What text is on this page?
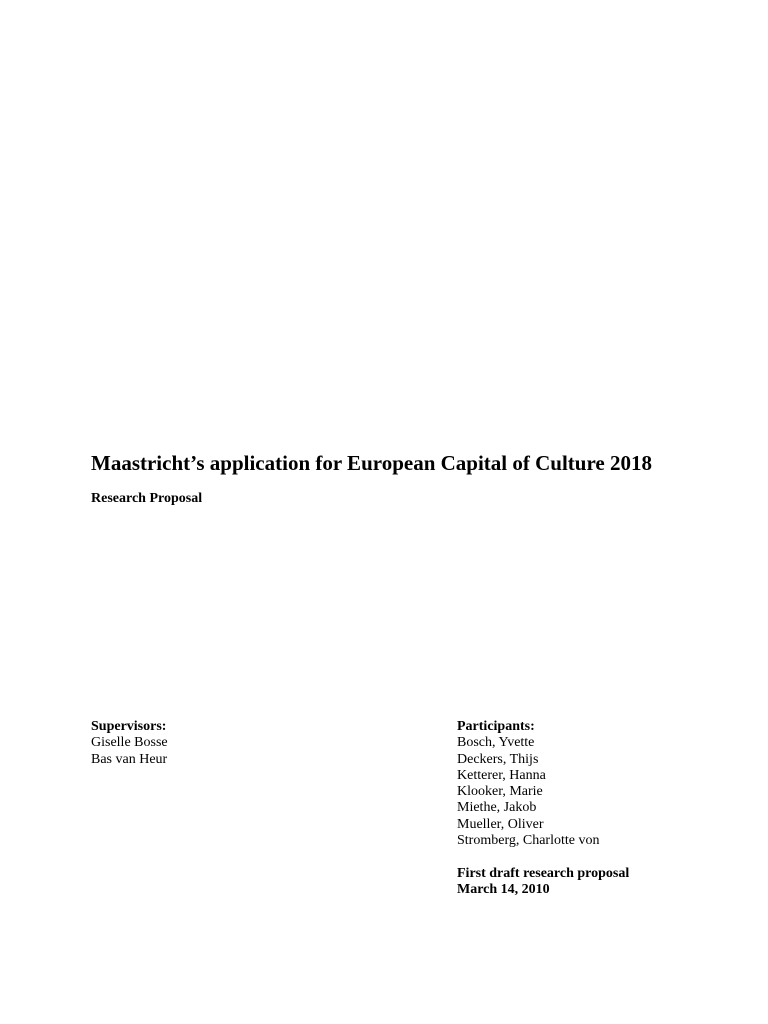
Maastricht’s application for European Capital of Culture 2018
Research Proposal
Supervisors:
Giselle Bosse
Bas van Heur
Participants:
Bosch, Yvette
Deckers, Thijs
Ketterer, Hanna
Klooker, Marie
Miethe, Jakob
Mueller, Oliver
Stromberg, Charlotte von
First draft research proposal
March 14, 2010
